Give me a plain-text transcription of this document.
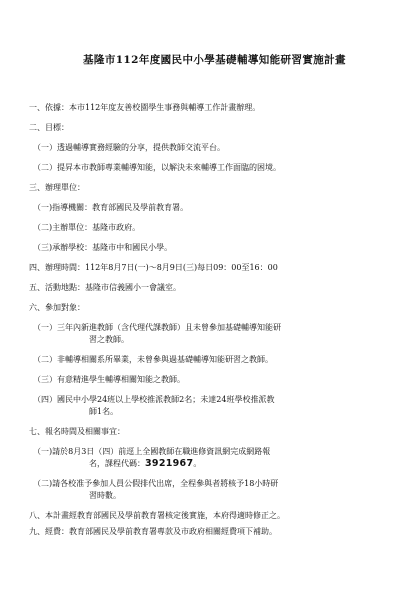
基隆市112年度國民中小學基礎輔導知能研習實施計畫
一、依據：本市112年度友善校園學生事務與輔導工作計畫辦理。
二、目標：
（一）透過輔導實務經驗的分享，提供教師交流平台。
（二）提昇本市教師專業輔導知能，以解決未來輔導工作面臨的困境。
三、辦理單位：
（一)指導機關：教育部國民及學前教育署。
（二)主辦單位：基隆市政府。
（三)承辦學校：基隆市中和國民小學。
四、辦理時間：112年8月7日(一)～8月9日(三)每日09：00至16：00
五、活動地點：基隆市信義國小一會議室。
六、參加對象：
（一）三年內新進教師（含代理代課教師）且未曾參加基礎輔導知能研
習之教師。
（二）非輔導相關系所畢業，未曾參與過基礎輔導知能研習之教師。
（三）有意精進學生輔導相關知能之教師。
（四）國民中小學24班以上學校推派教師2名；未達24班學校推派教
師1名。
七、報名時間及相關事宜：
（一)請於8月3日（四）前逕上全國教師在職進修資訊網完成網路報
名，課程代碼：3921967。
（二)請各校准予參加人員公假排代出席，全程參與者將核予18小時研
習時數。
八、本計畫經教育部國民及學前教育署核定後實施，本府得適時修正之。
九、經費：教育部國民及學前教育署專款及市政府相關經費項下補助。
